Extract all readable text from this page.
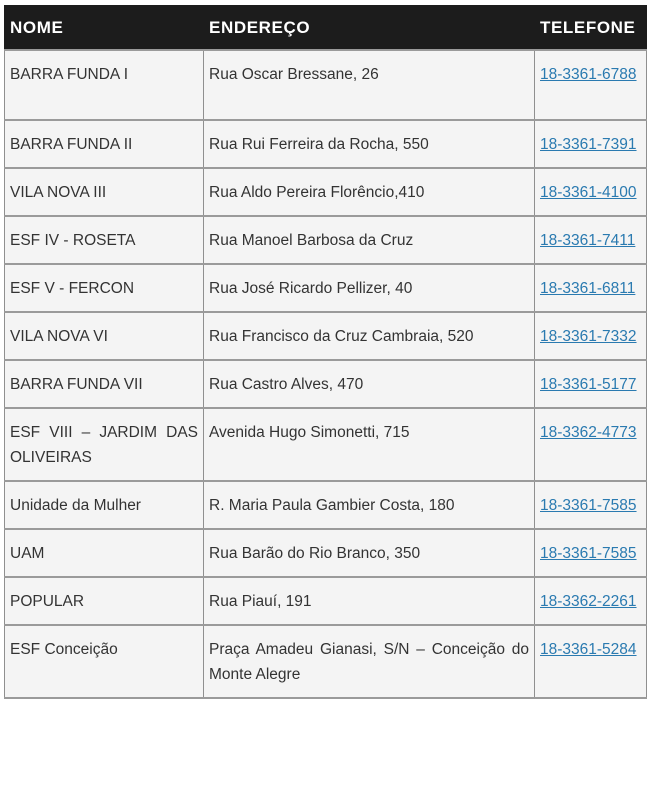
NOME	ENDEREÇO	TELEFONE
BARRA FUNDA I	Rua Oscar Bressane, 26	18-3361-6788
BARRA FUNDA II	Rua Rui Ferreira da Rocha, 550	18-3361-7391
VILA NOVA III	Rua Aldo Pereira Florêncio,410	18-3361-4100
ESF IV - ROSETA	Rua Manoel Barbosa da Cruz	18-3361-7411
ESF V - FERCON	Rua José Ricardo Pellizer, 40	18-3361-6811
VILA NOVA VI	Rua Francisco da Cruz Cambraia, 520	18-3361-7332
BARRA FUNDA VII	Rua Castro Alves, 470	18-3361-5177
ESF VIII – JARDIM DAS OLIVEIRAS	Avenida Hugo Simonetti, 715	18-3362-4773
Unidade da Mulher	R. Maria Paula Gambier Costa, 180	18-3361-7585
UAM	Rua Barão do Rio Branco, 350	18-3361-7585
POPULAR	Rua Piauí, 191	18-3362-2261
ESF Conceição	Praça Amadeu Gianasi, S/N – Conceição do Monte Alegre	18-3361-5284
